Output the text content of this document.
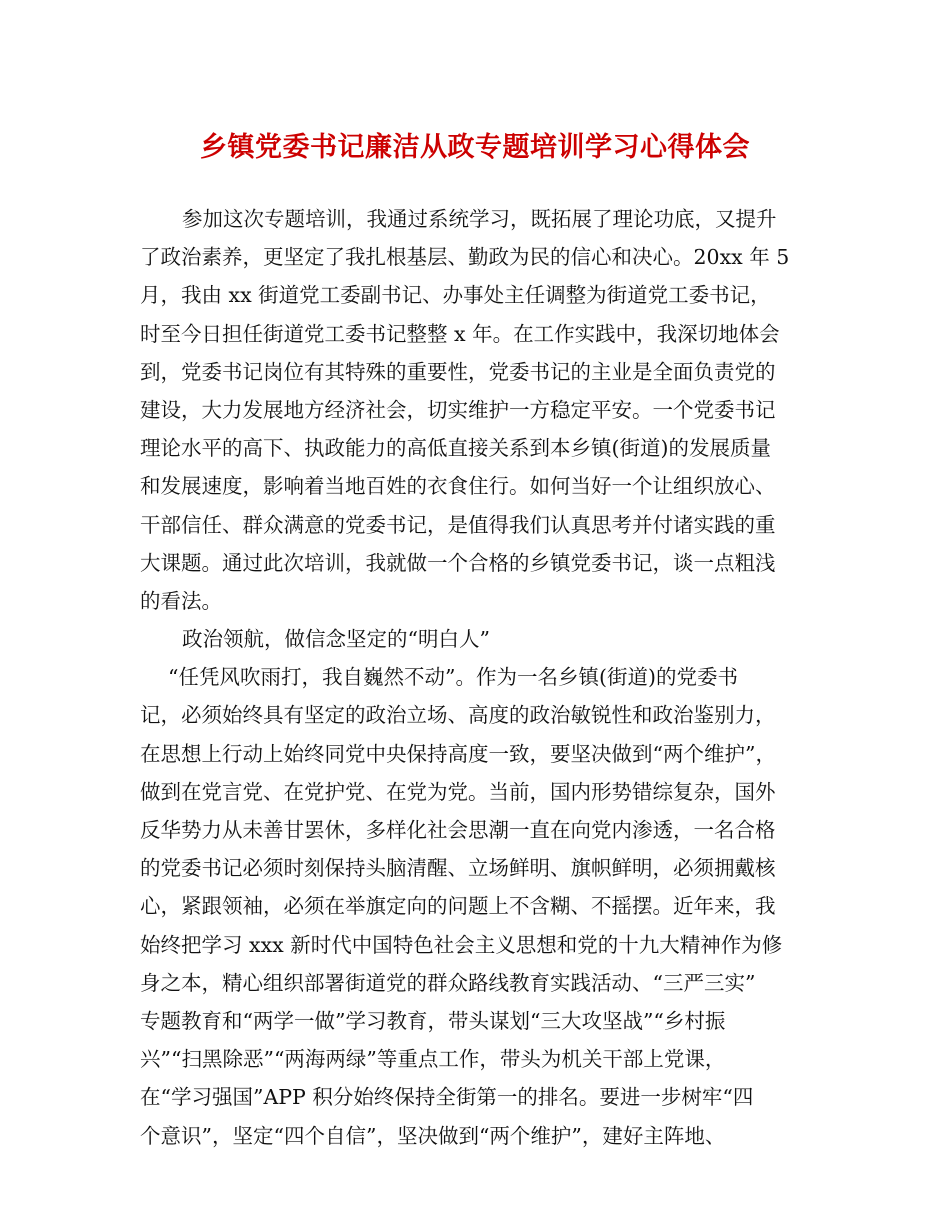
乡镇党委书记廉洁从政专题培训学习心得体会
参加这次专题培训，我通过系统学习，既拓展了理论功底，又提升
了政治素养，更坚定了我扎根基层、勤政为民的信心和决心。20xx 年 5
月，我由 xx 街道党工委副书记、办事处主任调整为街道党工委书记，
时至今日担任街道党工委书记整整 x 年。在工作实践中，我深切地体会
到，党委书记岗位有其特殊的重要性，党委书记的主业是全面负责党的
建设，大力发展地方经济社会，切实维护一方稳定平安。一个党委书记
理论水平的高下、执政能力的高低直接关系到本乡镇(街道)的发展质量
和发展速度，影响着当地百姓的衣食住行。如何当好一个让组织放心、
干部信任、群众满意的党委书记，是值得我们认真思考并付诸实践的重
大课题。通过此次培训，我就做一个合格的乡镇党委书记，谈一点粗浅
的看法。
政治领航，做信念坚定的“明白人”
“任凭风吹雨打，我自巍然不动”。作为一名乡镇(街道)的党委书
记，必须始终具有坚定的政治立场、高度的政治敏锐性和政治鉴别力，
在思想上行动上始终同党中央保持高度一致，要坚决做到“两个维护”，
做到在党言党、在党护党、在党为党。当前，国内形势错综复杂，国外
反华势力从未善甘罢休，多样化社会思潮一直在向党内渗透，一名合格
的党委书记必须时刻保持头脑清醒、立场鲜明、旗帜鲜明，必须拥戴核
心，紧跟领袖，必须在举旗定向的问题上不含糊、不摇摆。近年来，我
始终把学习 xxx 新时代中国特色社会主义思想和党的十九大精神作为修
身之本，精心组织部署街道党的群众路线教育实践活动、“三严三实”
专题教育和“两学一做”学习教育，带头谋划“三大攻坚战”“乡村振
兴”“扫黑除恶”“两海两绿”等重点工作，带头为机关干部上党课，
在“学习强国”APP 积分始终保持全街第一的排名。要进一步树牢“四
个意识”，坚定“四个自信”，坚决做到“两个维护”，建好主阵地、
